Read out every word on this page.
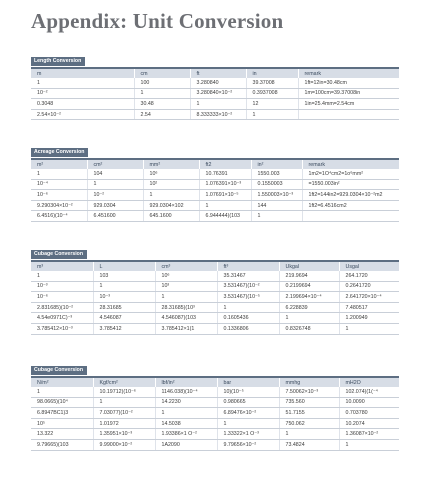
Appendix: Unit Conversion
Length Conversion
m	cm	ft	in	remark
1	100	3.280840	39.37008	1ft=12in=30.48cm
10⁻²	1	3.280840×10⁻²	0.3937008	1m=100cm=39.37008in
0.3048	30.48	1	12	1in=25.4mm=2.54cm
2.54×10⁻²	2.54	8.333333×10⁻²	1	
Acreage Conversion
m²	cm²	mm²	ft2	in²	remark
1	104	10⁶	10.76391	1550.003	1m2=1O⁴cm2=1o⁶mm²
10⁻⁴	1	10²	1.076391×10⁻³	0.1550003	=1550.003in²
10⁻⁶	10⁻²	1	1.07691×10⁻⁵	1.550003×10⁻³	1ft2=144in2=929.0304×10⁻²m2
9.290304×10⁻²	929.0304	929.0304×102	1	144	1ft2=6.4516cm2
6.4516)(10⁻⁴	6.451600	645.1600	6.944444)(103	1	
Cubage Conversion
m³	L	cm³	ft³	Ukgal	Usgal
1	103	10⁶	35.31467	219.9694	264.1720
10⁻³	1	10³	3.531467)(10⁻²	0.2199694	0.2641720
10⁻⁶	10⁻³	1	3.531467)(10⁻⁵	2.199694×10⁻⁴	2.641720×10⁻⁴
2.831685)(10⁻²	28.31685	28.31685)(10³	1	6.228839	7.480517
4.54e0971C)⁻³	4.546087	4.546087)(103	0.1605436	1	1.200949
3.785412×10⁻³	3.785412	3.785412×1(1	0.1336806	0.8326748	1
Cubage Conversion
N/m²	Kgf/cm²	lbf/in²	bar	mmhg	mH2O
1	10.19712)(10⁻⁶	1146.038)(10⁻⁴	10)(10⁻⁵	7.50062×10⁻³	102.074)(1(⁻⁴
98.0665)(10⁴	1	14.2230	0.980665	735.560	10.0090
6.8947BC1)3	7.03077)(10⁻²	1	6.89476×10⁻²	51.7155	0.703780
10⁵	1.01972	14.5038	1	750.062	10.2074
13.322	1.35951×10⁻³	1.93386×1 O⁻²	1.33322×1 O⁻³	1	1.36087×10⁻²
9.79665)(103	9.99000×10⁻²	1A2090	9.79656×10⁻²	73.4824	1
